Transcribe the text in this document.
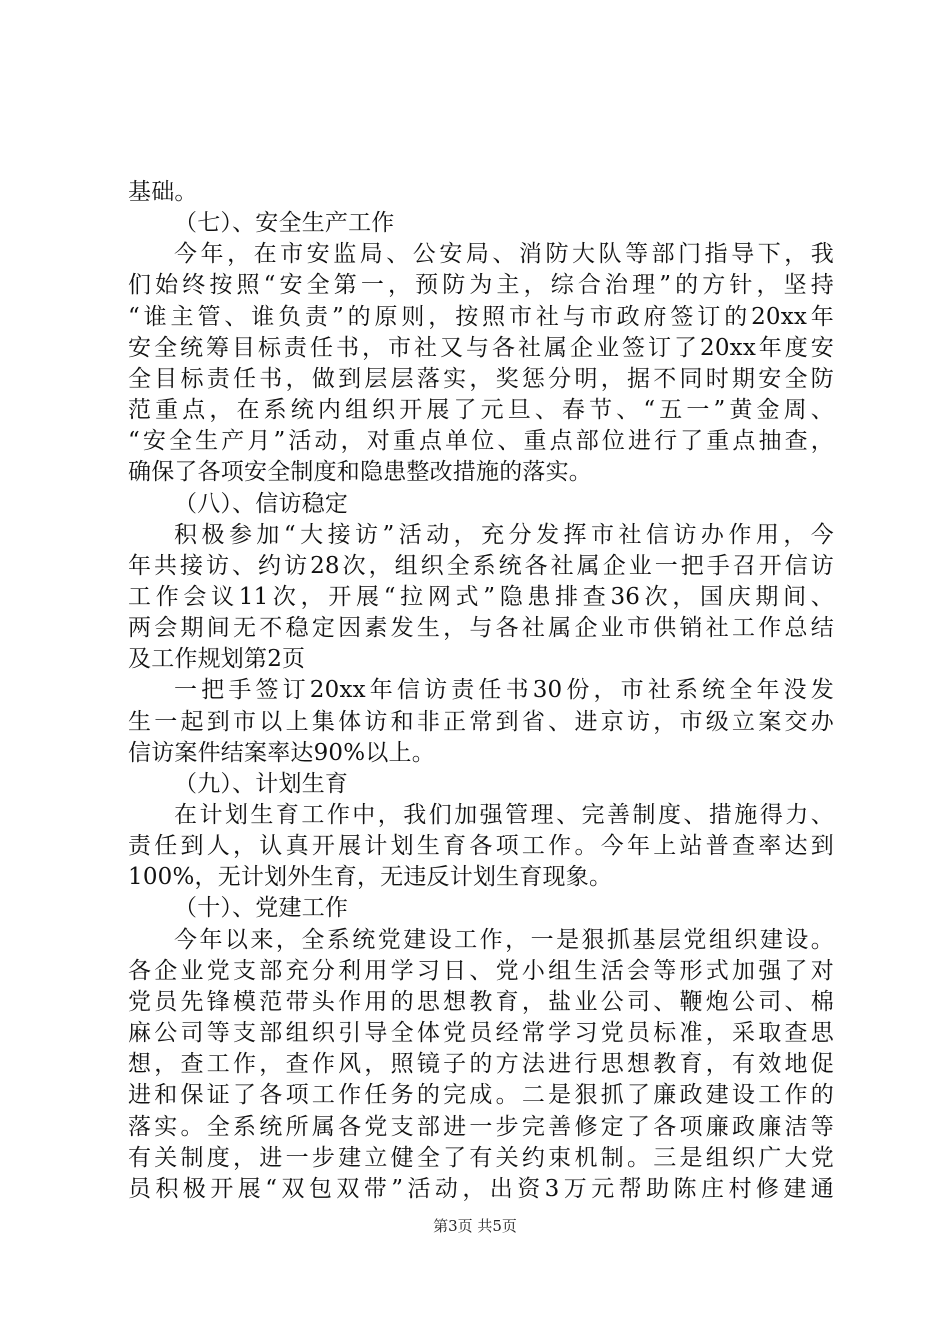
基础。
（七）、安全生产工作
今年，在市安监局、公安局、消防大队等部门指导下，我
们始终按照“安全第一，预防为主，综合治理”的方针，坚持
“谁主管、谁负责”的原则，按照市社与市政府签订的20xx年
安全统筹目标责任书，市社又与各社属企业签订了20xx年度安
全目标责任书，做到层层落实，奖惩分明，据不同时期安全防
范重点，在系统内组织开展了元旦、春节、“五一”黄金周、
“安全生产月”活动，对重点单位、重点部位进行了重点抽查，
确保了各项安全制度和隐患整改措施的落实。
（八）、信访稳定
积极参加“大接访”活动，充分发挥市社信访办作用，今
年共接访、约访28次，组织全系统各社属企业一把手召开信访
工作会议11次，开展“拉网式”隐患排查36次，国庆期间、
两会期间无不稳定因素发生，与各社属企业市供销社工作总结
及工作规划第2页
一把手签订20xx年信访责任书30份，市社系统全年没发
生一起到市以上集体访和非正常到省、进京访，市级立案交办
信访案件结案率达90%以上。
（九）、计划生育
在计划生育工作中，我们加强管理、完善制度、措施得力、
责任到人，认真开展计划生育各项工作。今年上站普查率达到
100%，无计划外生育，无违反计划生育现象。
（十）、党建工作
今年以来，全系统党建设工作，一是狠抓基层党组织建设。
各企业党支部充分利用学习日、党小组生活会等形式加强了对
党员先锋模范带头作用的思想教育，盐业公司、鞭炮公司、棉
麻公司等支部组织引导全体党员经常学习党员标准，采取查思
想，查工作，查作风，照镜子的方法进行思想教育，有效地促
进和保证了各项工作任务的完成。二是狠抓了廉政建设工作的
落实。全系统所属各党支部进一步完善修定了各项廉政廉洁等
有关制度，进一步建立健全了有关约束机制。三是组织广大党
员积极开展“双包双带”活动，出资3万元帮助陈庄村修建通
第3页 共5页
